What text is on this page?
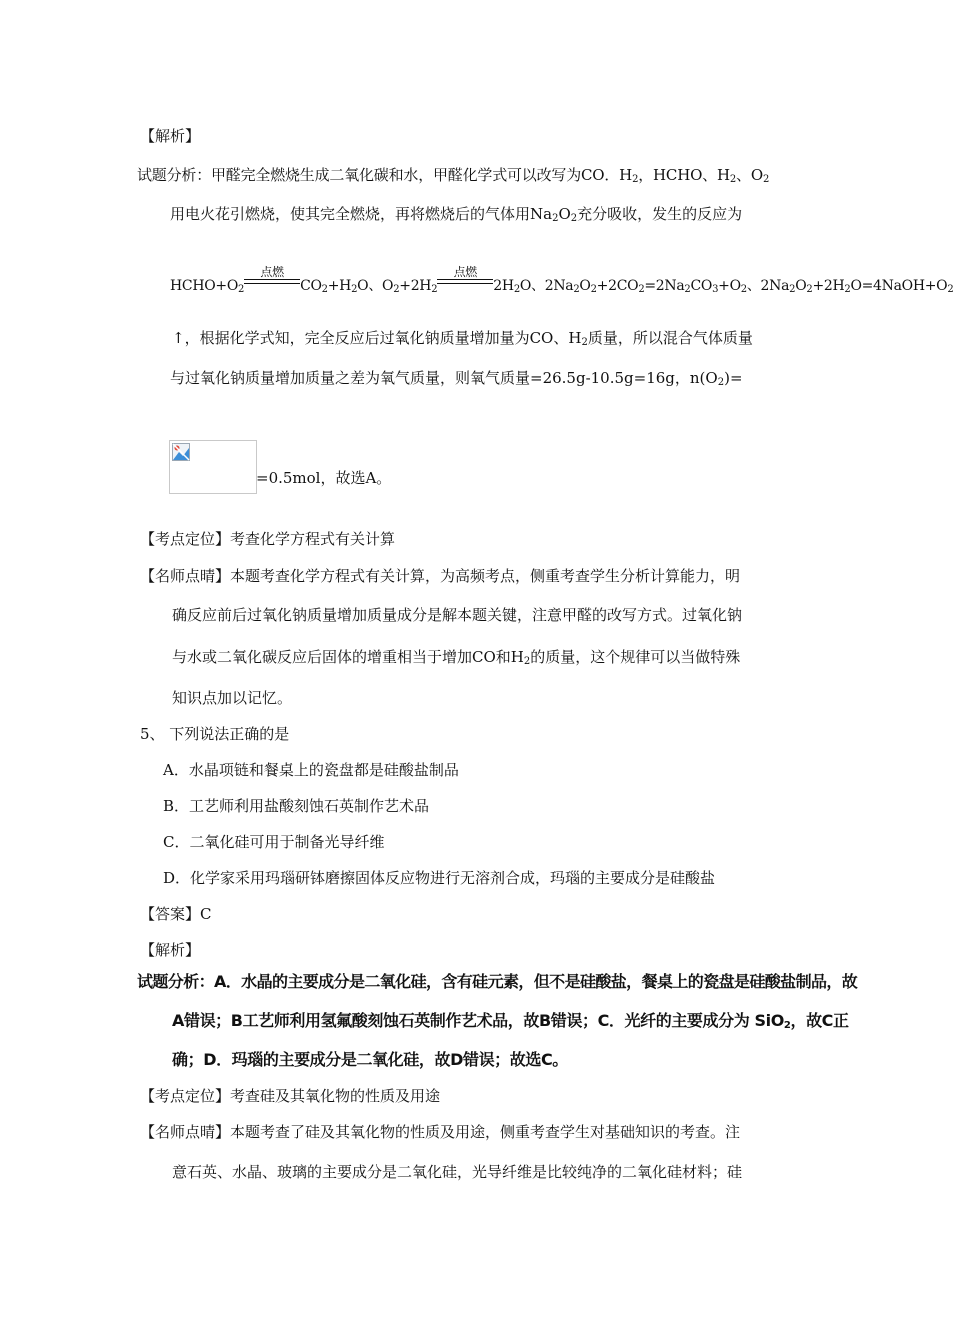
【解析】
试题分析：甲醛完全燃烧生成二氧化碳和水，甲醛化学式可以改写为CO．$H_2$，HCHO、$H_2$、$O_2$
用电火花引燃烧，使其完全燃烧，再将燃烧后的气体用$Na_2O_2$充分吸收，发生的反应为
$HCHO+O_2$
点燃
$CO_2+H_2O$、$O_2+2H_2$
点燃
$2H_2O$、$2Na_2O_2+2CO_2=2Na_2CO_3+O_2$、$2Na_2O_2+2H_2O=4NaOH+O_2$
↑，根据化学式知，完全反应后过氧化钠质量增加量为CO、$H_2$质量，所以混合气体质量
与过氧化钠质量增加质量之差为氧气质量，则氧气质量=26.5g-10.5g=16g，$n(O_2)=$
=0.5mol，故选A。
【考点定位】考查化学方程式有关计算
【名师点晴】本题考查化学方程式有关计算，为高频考点，侧重考查学生分析计算能力，明
确反应前后过氧化钠质量增加质量成分是解本题关键，注意甲醛的改写方式。过氧化钠
与水或二氧化碳反应后固体的增重相当于增加CO和$H_2$的质量，这个规律可以当做特殊
知识点加以记忆。
5、 下列说法正确的是
A．水晶项链和餐桌上的瓷盘都是硅酸盐制品
B．工艺师利用盐酸刻蚀石英制作艺术品
C．二氧化硅可用于制备光导纤维
D．化学家采用玛瑙研钵磨擦固体反应物进行无溶剂合成，玛瑙的主要成分是硅酸盐
【答案】C
【解析】
试题分析：A．水晶的主要成分是二氧化硅，含有硅元素，但不是硅酸盐，餐桌上的瓷盘是硅酸盐制品，故
A错误；B工艺师利用氢氟酸刻蚀石英制作艺术品，故B错误；C．光纤的主要成分为 SiO$_2$，故C正
确；D．玛瑙的主要成分是二氧化硅，故D错误；故选C。
【考点定位】考查硅及其氧化物的性质及用途
【名师点晴】本题考查了硅及其氧化物的性质及用途，侧重考查学生对基础知识的考查。注
意石英、水晶、玻璃的主要成分是二氧化硅，光导纤维是比较纯净的二氧化硅材料；硅
